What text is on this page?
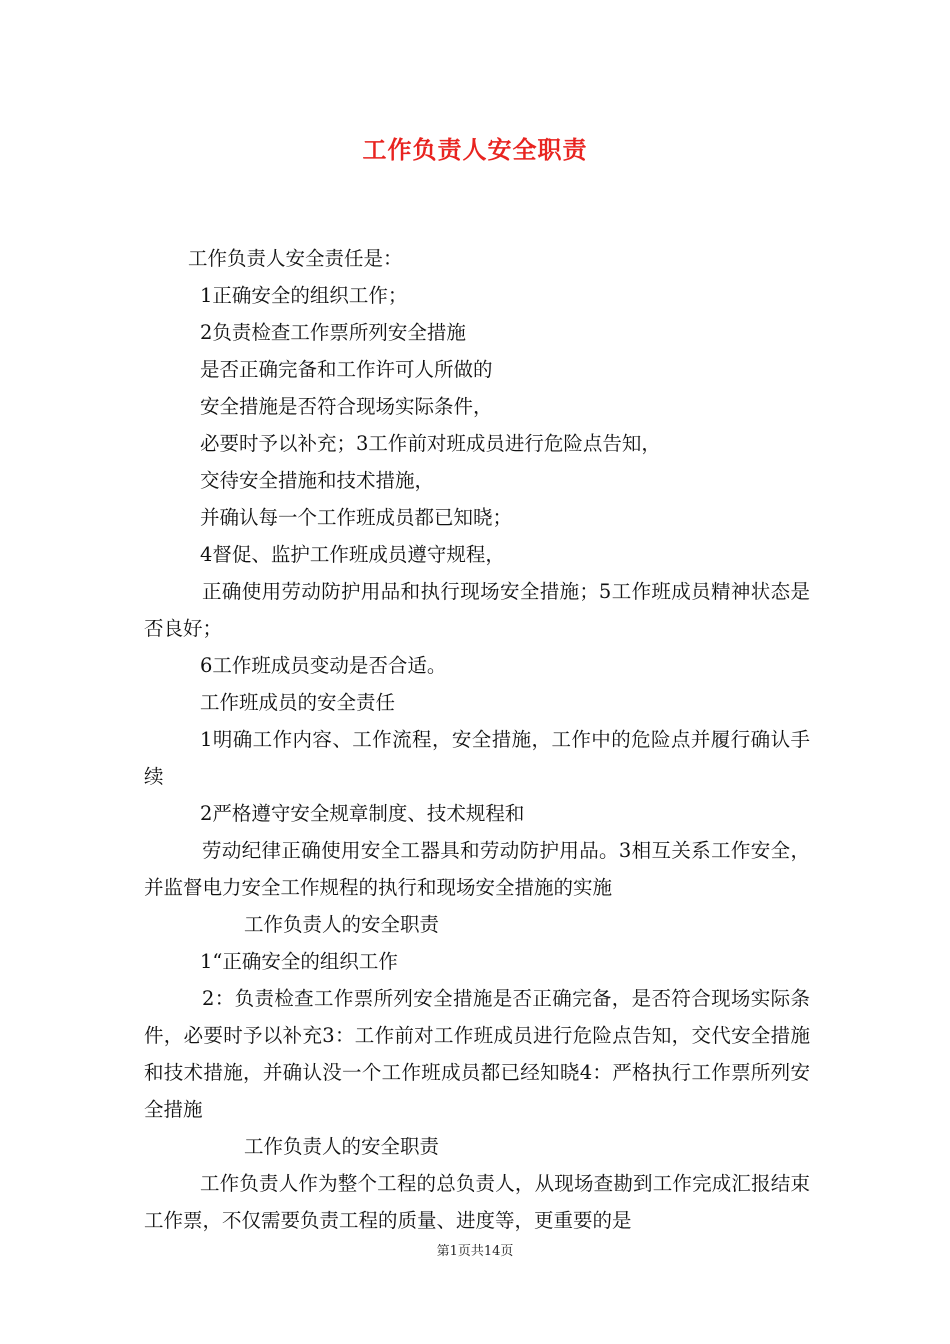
工作负责人安全职责

工作负责人安全责任是：

1正确安全的组织工作；

2负责检查工作票所列安全措施

是否正确完备和工作许可人所做的

安全措施是否符合现场实际条件，

必要时予以补充；3工作前对班成员进行危险点告知，

交待安全措施和技术措施，

并确认每一个工作班成员都已知晓；

4督促、监护工作班成员遵守规程，

正确使用劳动防护用品和执行现场安全措施；5工作班成员精神状态是否良好；

6工作班成员变动是否合适。

工作班成员的安全责任

1明确工作内容、工作流程，安全措施，工作中的危险点并履行确认手续

2严格遵守安全规章制度、技术规程和

劳动纪律正确使用安全工器具和劳动防护用品。3相互关系工作安全，并监督电力安全工作规程的执行和现场安全措施的实施

工作负责人的安全职责

1“正确安全的组织工作

2：负责检查工作票所列安全措施是否正确完备，是否符合现场实际条件，必要时予以补充3：工作前对工作班成员进行危险点告知，交代安全措施和技术措施，并确认没一个工作班成员都已经知晓4：严格执行工作票所列安全措施

工作负责人的安全职责

工作负责人作为整个工程的总负责人，从现场查勘到工作完成汇报结束工作票，不仅需要负责工程的质量、进度等，更重要的是

第1页共14页
